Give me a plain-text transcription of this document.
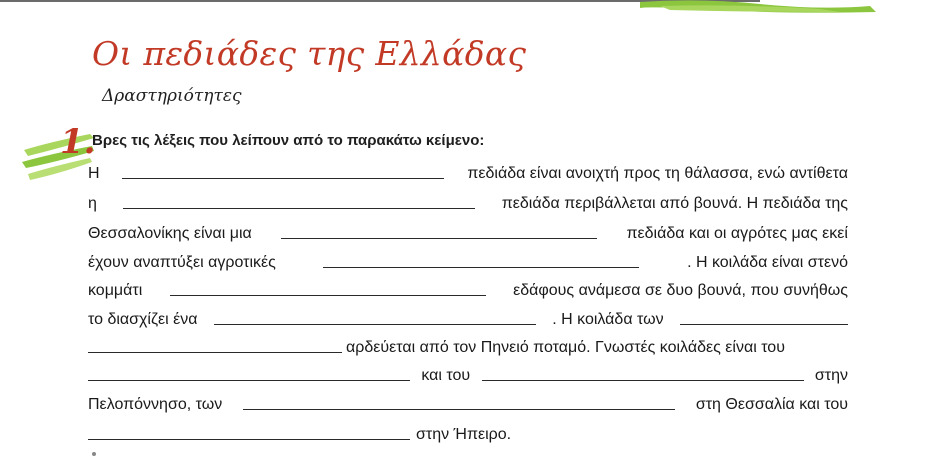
Οι πεδιάδες της Ελλάδας
Δραστηριότητες
1.
Βρες τις λέξεις που λείπουν από το παρακάτω κείμενο:
Η	πεδιάδα είναι ανοιχτή προς τη θάλασσα, ενώ αντίθετα
η	πεδιάδα περιβάλλεται από βουνά. Η πεδιάδα της
Θεσσαλονίκης είναι μια	πεδιάδα και οι αγρότες μας εκεί
έχουν αναπτύξει αγροτικές	. Η κοιλάδα είναι στενό
κομμάτι	εδάφους ανάμεσα σε δυο βουνά, που συνήθως
το διασχίζει ένα	. Η κοιλάδα των
αρδεύεται από τον Πηνειό ποταμό. Γνωστές κοιλάδες είναι του
και του	στην
Πελοπόννησο, των	στη Θεσσαλία και του
στην Ήπειρο.
